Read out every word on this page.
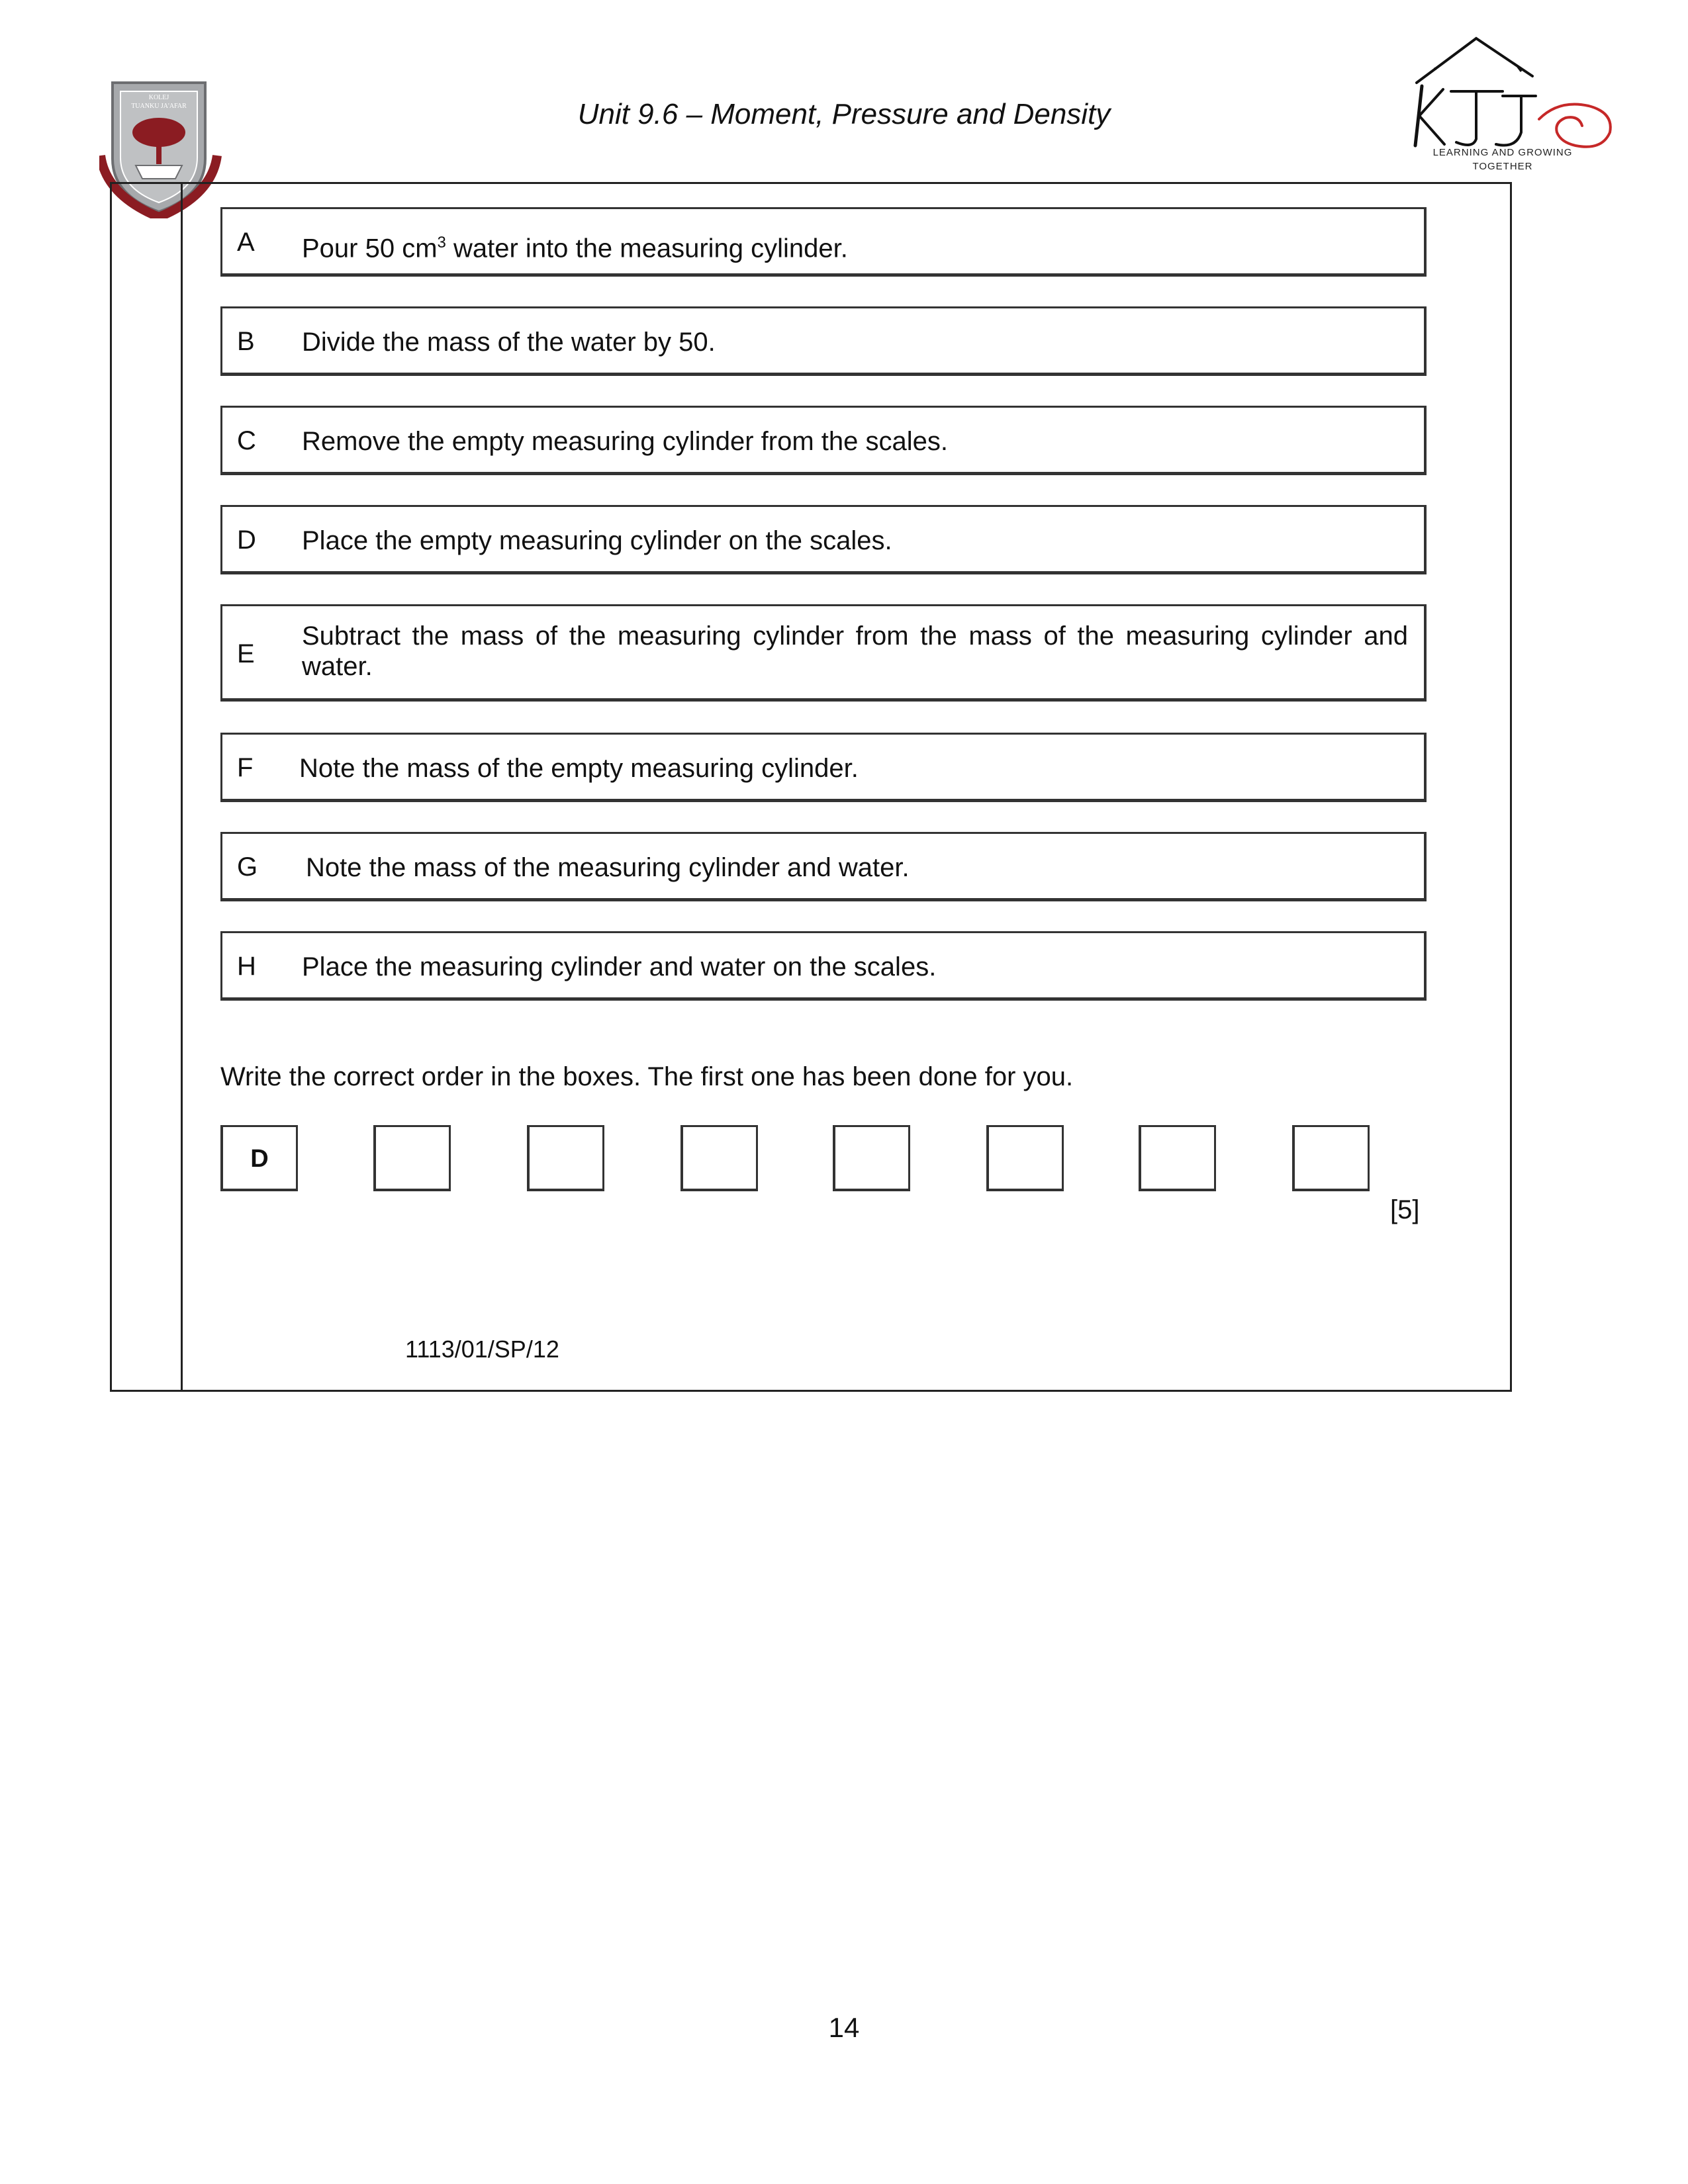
KOLEJ
TUANKU JA'AFAR	Unit 9.6 – Moment, Pressure and Density
KTJ
LEARNING AND GROWING
TOGETHER
A Pour 50 $cm^3$ water into the measuring cylinder.
B Divide the mass of the water by 50.
C Remove the empty measuring cylinder from the scales.
D Place the empty measuring cylinder on the scales.
E
Subtract the mass of the measuring cylinder from the mass of the measuring cylinder and water.
F Note the mass of the empty measuring cylinder.
G Note the mass of the measuring cylinder and water.
H Place the measuring cylinder and water on the scales.
Write the correct order in the boxes. The first one has been done for you.
D
[5]
1113/01/SP/12
14
